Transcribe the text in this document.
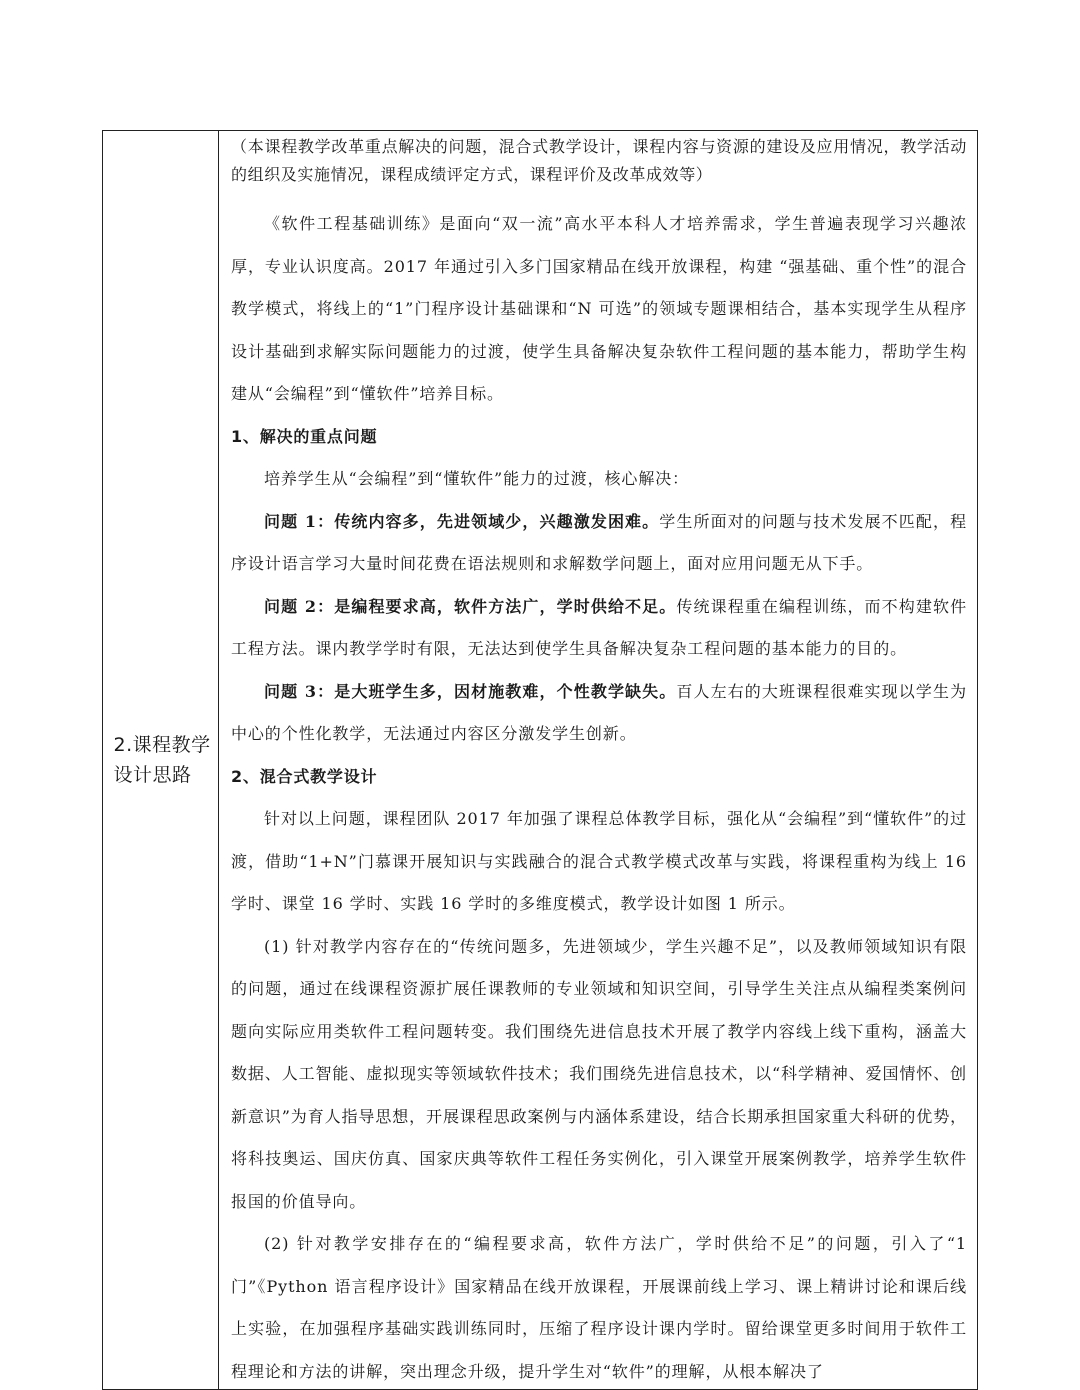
2.课程教学设计思路

（本课程教学改革重点解决的问题，混合式教学设计，课程内容与资源的建设及应用情况，教学活动的组织及实施情况，课程成绩评定方式，课程评价及改革成效等）

《软件工程基础训练》是面向“双一流”高水平本科人才培养需求，学生普遍表现学习兴趣浓厚，专业认识度高。2017 年通过引入多门国家精品在线开放课程，构建 “强基础、重个性”的混合教学模式，将线上的“1”门程序设计基础课和“N 可选”的领域专题课相结合，基本实现学生从程序设计基础到求解实际问题能力的过渡，使学生具备解决复杂软件工程问题的基本能力，帮助学生构建从“会编程”到“懂软件”培养目标。

1、解决的重点问题

培养学生从“会编程”到“懂软件”能力的过渡，核心解决：

问题 1：传统内容多，先进领域少，兴趣激发困难。学生所面对的问题与技术发展不匹配，程序设计语言学习大量时间花费在语法规则和求解数学问题上，面对应用问题无从下手。

问题 2：是编程要求高，软件方法广，学时供给不足。传统课程重在编程训练，而不构建软件工程方法。课内教学学时有限，无法达到使学生具备解决复杂工程问题的基本能力的目的。

问题 3：是大班学生多，因材施教难，个性教学缺失。百人左右的大班课程很难实现以学生为中心的个性化教学，无法通过内容区分激发学生创新。

2、混合式教学设计

针对以上问题，课程团队 2017 年加强了课程总体教学目标，强化从“会编程”到“懂软件”的过渡，借助“1+N”门慕课开展知识与实践融合的混合式教学模式改革与实践，将课程重构为线上 16 学时、课堂 16 学时、实践 16 学时的多维度模式，教学设计如图 1 所示。

(1) 针对教学内容存在的“传统问题多，先进领域少，学生兴趣不足”，以及教师领域知识有限的问题，通过在线课程资源扩展任课教师的专业领域和知识空间，引导学生关注点从编程类案例问题向实际应用类软件工程问题转变。我们围绕先进信息技术开展了教学内容线上线下重构，涵盖大数据、人工智能、虚拟现实等领域软件技术；我们围绕先进信息技术，以“科学精神、爱国情怀、创新意识”为育人指导思想，开展课程思政案例与内涵体系建设，结合长期承担国家重大科研的优势，将科技奥运、国庆仿真、国家庆典等软件工程任务实例化，引入课堂开展案例教学，培养学生软件报国的价值导向。

(2) 针对教学安排存在的“编程要求高，软件方法广，学时供给不足”的问题，引入了“1门”《Python 语言程序设计》国家精品在线开放课程，开展课前线上学习、课上精讲讨论和课后线上实验，在加强程序基础实践训练同时，压缩了程序设计课内学时。留给课堂更多时间用于软件工程理论和方法的讲解，突出理念升级，提升学生对“软件”的理解，从根本解决了
